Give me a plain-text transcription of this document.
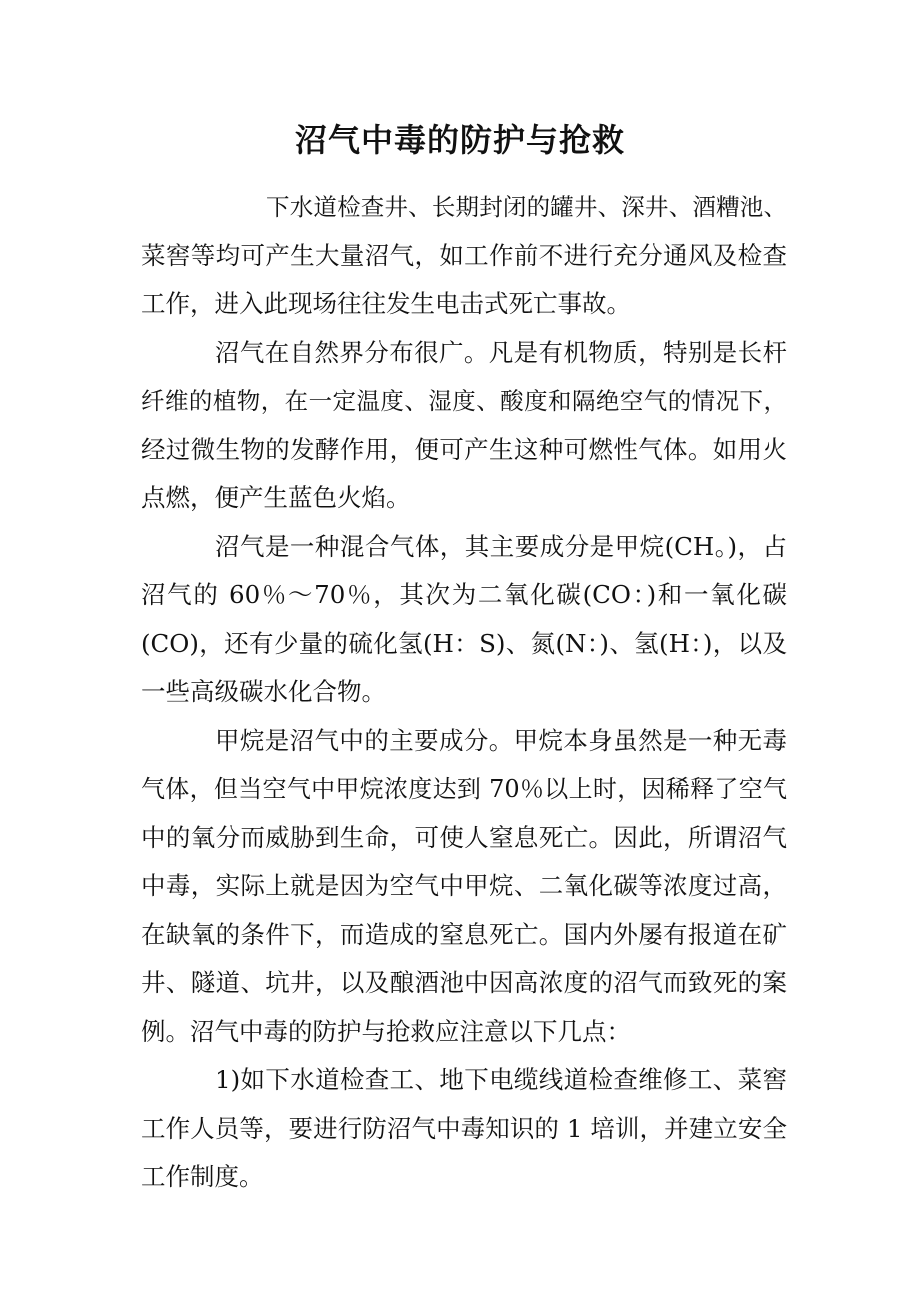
沼气中毒的防护与抢救
下水道检查井、长期封闭的罐井、深井、酒糟池、
菜窖等均可产生大量沼气，如工作前不进行充分通风及检查
工作，进入此现场往往发生电击式死亡事故。
沼气在自然界分布很广。凡是有机物质，特别是长杆
纤维的植物，在一定温度、湿度、酸度和隔绝空气的情况下，
经过微生物的发酵作用，便可产生这种可燃性气体。如用火
点燃，便产生蓝色火焰。
沼气是一种混合气体，其主要成分是甲烷(CH。)，占
沼气的 60％～70％，其次为二氧化碳(CO：)和一氧化碳
(CO)，还有少量的硫化氢(H：S)、氮(N：)、氢(H：)，以及
一些高级碳水化合物。
甲烷是沼气中的主要成分。甲烷本身虽然是一种无毒
气体，但当空气中甲烷浓度达到 70％以上时，因稀释了空气
中的氧分而威胁到生命，可使人窒息死亡。因此，所谓沼气
中毒，实际上就是因为空气中甲烷、二氧化碳等浓度过高，
在缺氧的条件下，而造成的窒息死亡。国内外屡有报道在矿
井、隧道、坑井，以及酿酒池中因高浓度的沼气而致死的案
例。沼气中毒的防护与抢救应注意以下几点：
1)如下水道检查工、地下电缆线道检查维修工、菜窖
工作人员等，要进行防沼气中毒知识的 1 培训，并建立安全
工作制度。
